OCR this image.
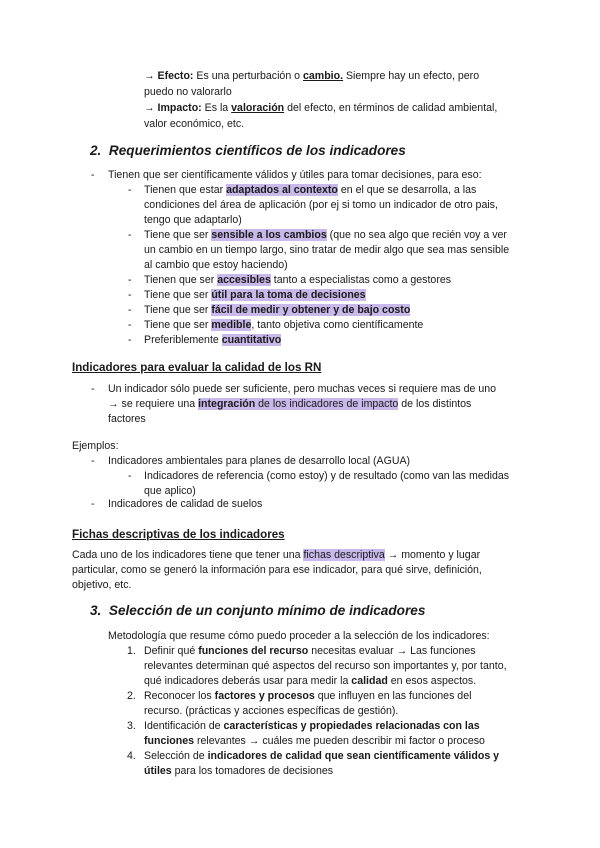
→ Efecto: Es una perturbación o cambio. Siempre hay un efecto, pero

puedo no valorarlo

→ Impacto: Es la valoración del efecto, en términos de calidad ambiental,

valor económico, etc.

2. Requerimientos científicos de los indicadores

- Tienen que ser científicamente válidos y útiles para tomar decisiones, para eso:

- Tienen que estar adaptados al contexto en el que se desarrolla, a las

condiciones del área de aplicación (por ej si tomo un indicador de otro pais,

tengo que adaptarlo)

- Tiene que ser sensible a los cambios (que no sea algo que recién voy a ver

un cambio en un tiempo largo, sino tratar de medir algo que sea mas sensible

al cambio que estoy haciendo)

- Tienen que ser accesibles tanto a especialistas como a gestores

- Tiene que ser útil para la toma de decisiones

- Tiene que ser fácil de medir y obtener y de bajo costo

- Tiene que ser medible, tanto objetiva como científicamente

- Preferiblemente cuantitativo

Indicadores para evaluar la calidad de los RN

- Un indicador sólo puede ser suficiente, pero muchas veces si requiere mas de uno

→ se requiere una integración de los indicadores de impacto de los distintos

factores

Ejemplos:

- Indicadores ambientales para planes de desarrollo local (AGUA)

- Indicadores de referencia (como estoy) y de resultado (como van las medidas

que aplico)

- Indicadores de calidad de suelos

Fichas descriptivas de los indicadores

Cada uno de los indicadores tiene que tener una fichas descriptiva → momento y lugar

particular, como se generó la información para ese indicador, para qué sirve, definición,

objetivo, etc.

3. Selección de un conjunto mínimo de indicadores

Metodología que resume cómo puedo proceder a la selección de los indicadores:

1. Definir qué funciones del recurso necesitas evaluar → Las funciones

relevantes determinan qué aspectos del recurso son importantes y, por tanto,

qué indicadores deberás usar para medir la calidad en esos aspectos.

2. Reconocer los factores y procesos que influyen en las funciones del

recurso. (prácticas y acciones específicas de gestión).

3. Identificación de características y propiedades relacionadas con las

funciones relevantes → cuáles me pueden describir mi factor o proceso

4. Selección de indicadores de calidad que sean científicamente válidos y

útiles para los tomadores de decisiones
